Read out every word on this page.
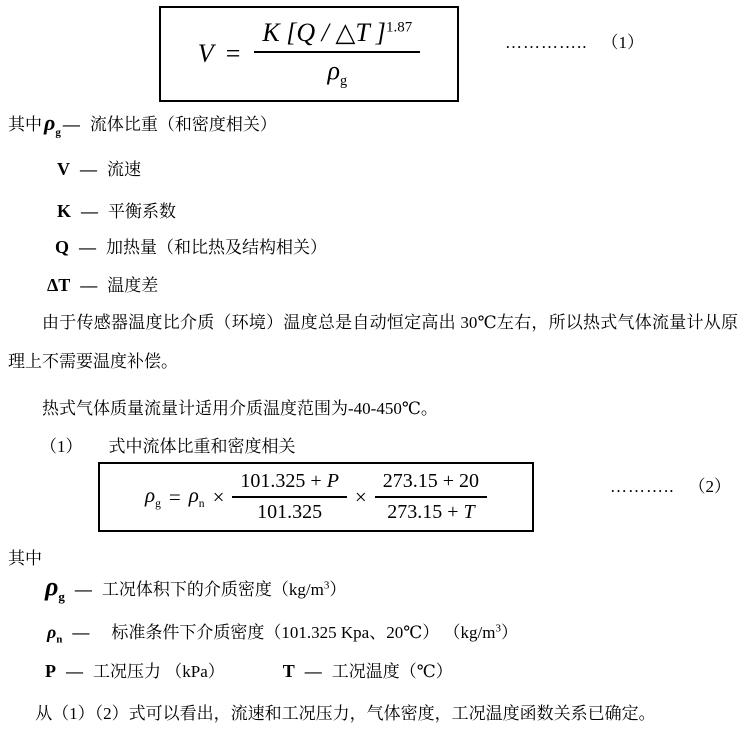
$V = \frac{K [Q / \triangle T ]^{1.87}}{\rho_g}$	………….. （1）
其中 $\rho_g$ — 流体比重（和密度相关）
V — 流速
K — 平衡系数
Q — 加热量（和比热及结构相关）
ΔT — 温度差
由于传感器温度比介质（环境）温度总是自动恒定高出 30℃左右，所以热式气体流量计从原理上不需要温度补偿。
热式气体质量流量计适用介质温度范围为-40-450℃。
（1） 式中流体比重和密度相关
$\rho_g = \rho_n \times \frac{101.325 + P}{101.325} \times \frac{273.15 + 20}{273.15 + T}$	……….. （2）
其中
$\rho_g$ — 工况体积下的介质密度$(kg/m^3)$
$\rho_n$ — 标准条件下介质密度（101.325 Kpa、20℃） $(kg/m^3)$
P — 工况压力 （kPa）	T — 工况温度（℃）
从（1）（2）式可以看出，流速和工况压力，气体密度，工况温度函数关系已确定。
